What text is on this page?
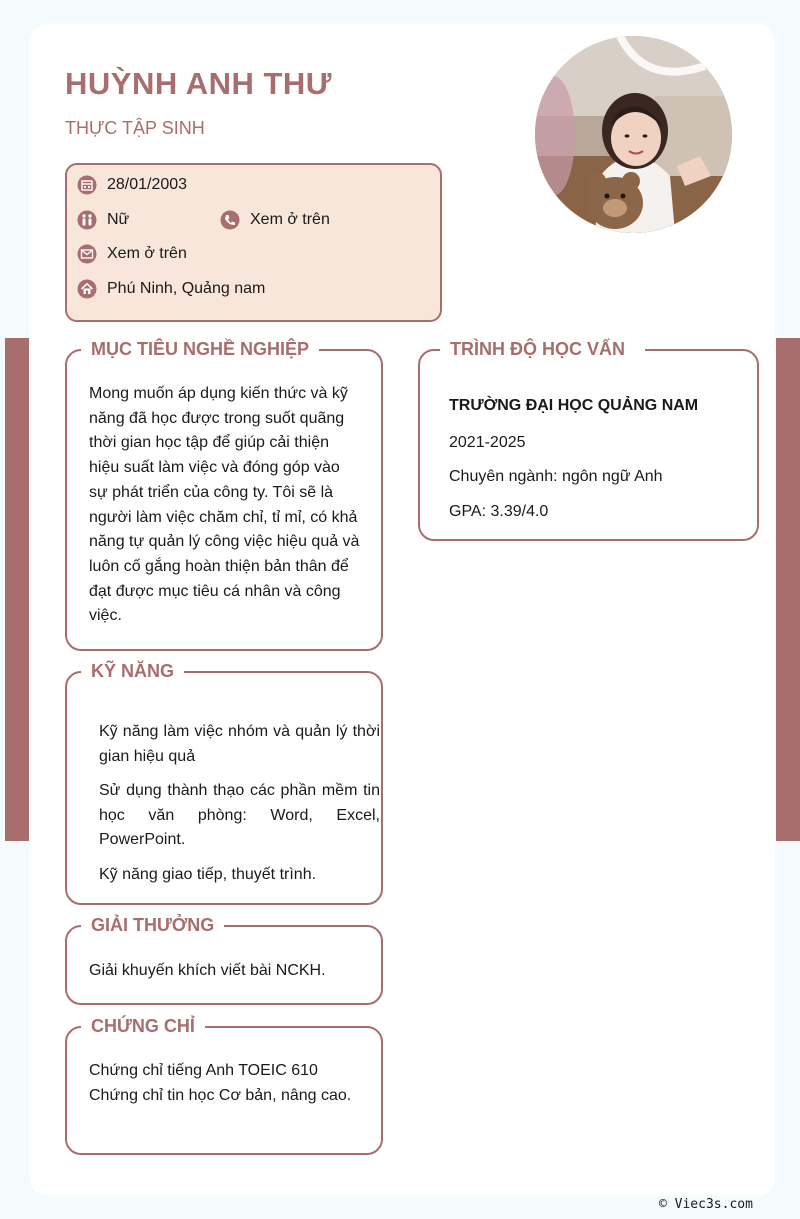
HUỲNH ANH THƯ
THỰC TẬP SINH
28/01/2003
Nữ	Xem ở trên
Xem ở trên
Phú Ninh, Quảng nam
MỤC TIÊU NGHỀ NGHIỆP
Mong muốn áp dụng kiến thức và kỹ năng đã học được trong suốt quãng thời gian học tập để giúp cải thiện hiệu suất làm việc và đóng góp vào sự phát triển của công ty. Tôi sẽ là người làm việc chăm chỉ, tỉ mỉ, có khả năng tự quản lý công việc hiệu quả và luôn cố gắng hoàn thiện bản thân để đạt được mục tiêu cá nhân và công việc.
TRÌNH ĐỘ HỌC VẤN
TRƯỜNG ĐẠI HỌC QUẢNG NAM
2021-2025
Chuyên ngành: ngôn ngữ Anh
GPA: 3.39/4.0
KỸ NĂNG
Kỹ năng làm việc nhóm và quản lý thời gian hiệu quả
Sử dụng thành thạo các phần mềm tin học văn phòng: Word, Excel, PowerPoint.
Kỹ năng giao tiếp, thuyết trình.
GIẢI THƯỞNG
Giải khuyến khích viết bài NCKH.
CHỨNG CHỈ
Chứng chỉ tiếng Anh TOEIC 610
Chứng chỉ tin học Cơ bản, nâng cao.
© Viec3s.com
